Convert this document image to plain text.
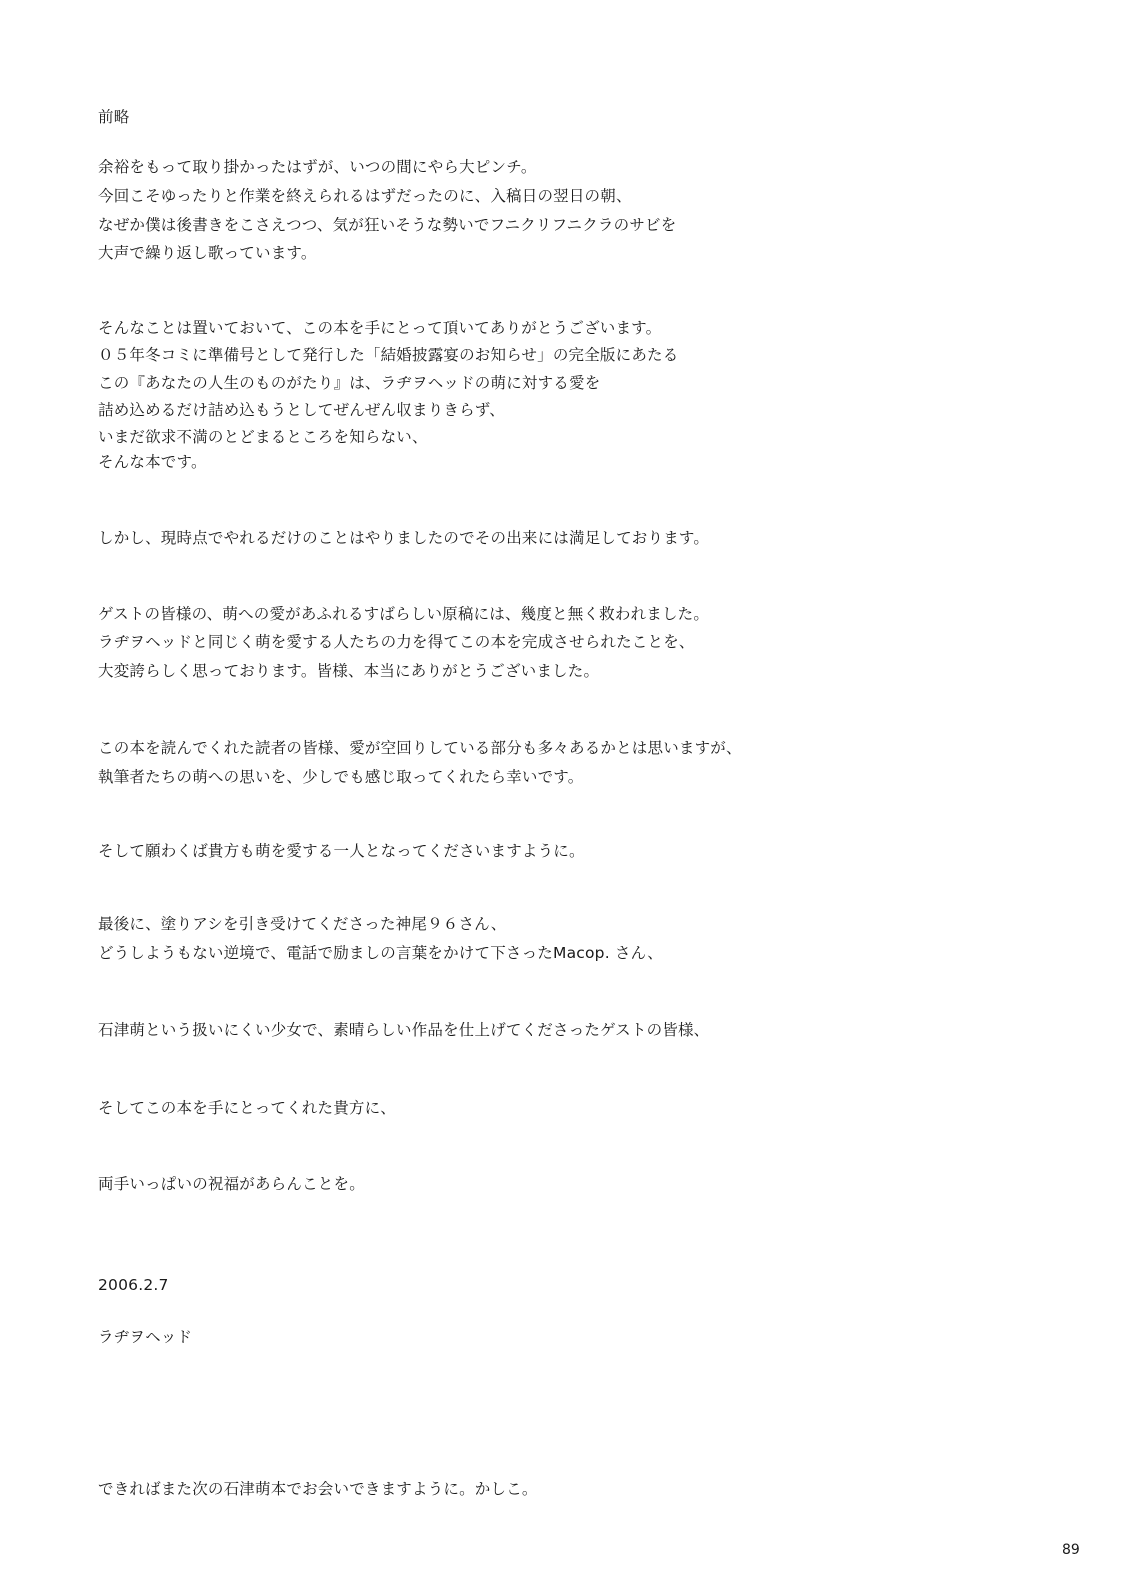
前略
余裕をもって取り掛かったはずが、いつの間にやら大ピンチ。
今回こそゆったりと作業を終えられるはずだったのに、入稿日の翌日の朝、
なぜか僕は後書きをこさえつつ、気が狂いそうな勢いでフニクリフニクラのサビを
大声で繰り返し歌っています。
そんなことは置いておいて、この本を手にとって頂いてありがとうございます。
０５年冬コミに準備号として発行した「結婚披露宴のお知らせ」の完全版にあたる
この『あなたの人生のものがたり』は、ラヂヲヘッドの萌に対する愛を
詰め込めるだけ詰め込もうとしてぜんぜん収まりきらず、
いまだ欲求不満のとどまるところを知らない、
そんな本です。
しかし、現時点でやれるだけのことはやりましたのでその出来には満足しております。
ゲストの皆様の、萌への愛があふれるすばらしい原稿には、幾度と無く救われました。
ラヂヲヘッドと同じく萌を愛する人たちの力を得てこの本を完成させられたことを、
大変誇らしく思っております。皆様、本当にありがとうございました。
この本を読んでくれた読者の皆様、愛が空回りしている部分も多々あるかとは思いますが、
執筆者たちの萌への思いを、少しでも感じ取ってくれたら幸いです。
そして願わくば貴方も萌を愛する一人となってくださいますように。
最後に、塗りアシを引き受けてくださった神尾９６さん、
どうしようもない逆境で、電話で励ましの言葉をかけて下さったMacop. さん、
石津萌という扱いにくい少女で、素晴らしい作品を仕上げてくださったゲストの皆様、
そしてこの本を手にとってくれた貴方に、
両手いっぱいの祝福があらんことを。
2006.2.7
ラヂヲヘッド
できればまた次の石津萌本でお会いできますように。かしこ。
89
